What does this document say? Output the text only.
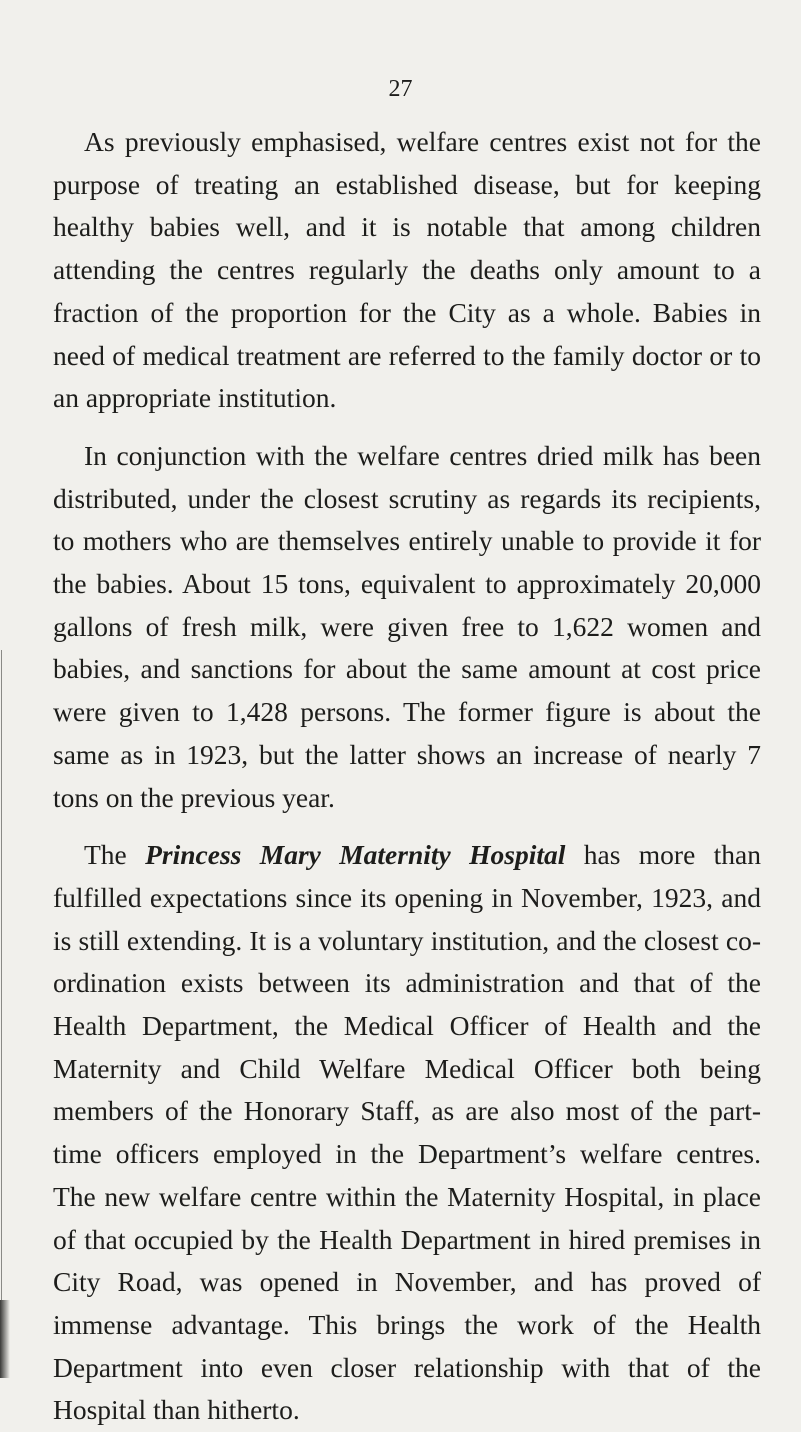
27

As previously emphasised, welfare centres exist not for the purpose of treating an established disease, but for keeping healthy babies well, and it is notable that among children attending the centres regularly the deaths only amount to a fraction of the proportion for the City as a whole. Babies in need of medical treatment are referred to the family doctor or to an appropriate institution.

In conjunction with the welfare centres dried milk has been distributed, under the closest scrutiny as regards its recipients, to mothers who are themselves entirely unable to provide it for the babies. About 15 tons, equivalent to approximately 20,000 gallons of fresh milk, were given free to 1,622 women and babies, and sanctions for about the same amount at cost price were given to 1,428 persons. The former figure is about the same as in 1923, but the latter shows an increase of nearly 7 tons on the previous year.

The Princess Mary Maternity Hospital has more than fulfilled expectations since its opening in November, 1923, and is still extending. It is a voluntary institution, and the closest co-ordination exists between its administration and that of the Health Department, the Medical Officer of Health and the Maternity and Child Welfare Medical Officer both being members of the Honorary Staff, as are also most of the part-time officers employed in the Department’s welfare centres. The new welfare centre within the Maternity Hospital, in place of that occupied by the Health Department in hired premises in City Road, was opened in November, and has proved of immense advantage. This brings the work of the Health Department into even closer relationship with that of the Hospital than hitherto.
